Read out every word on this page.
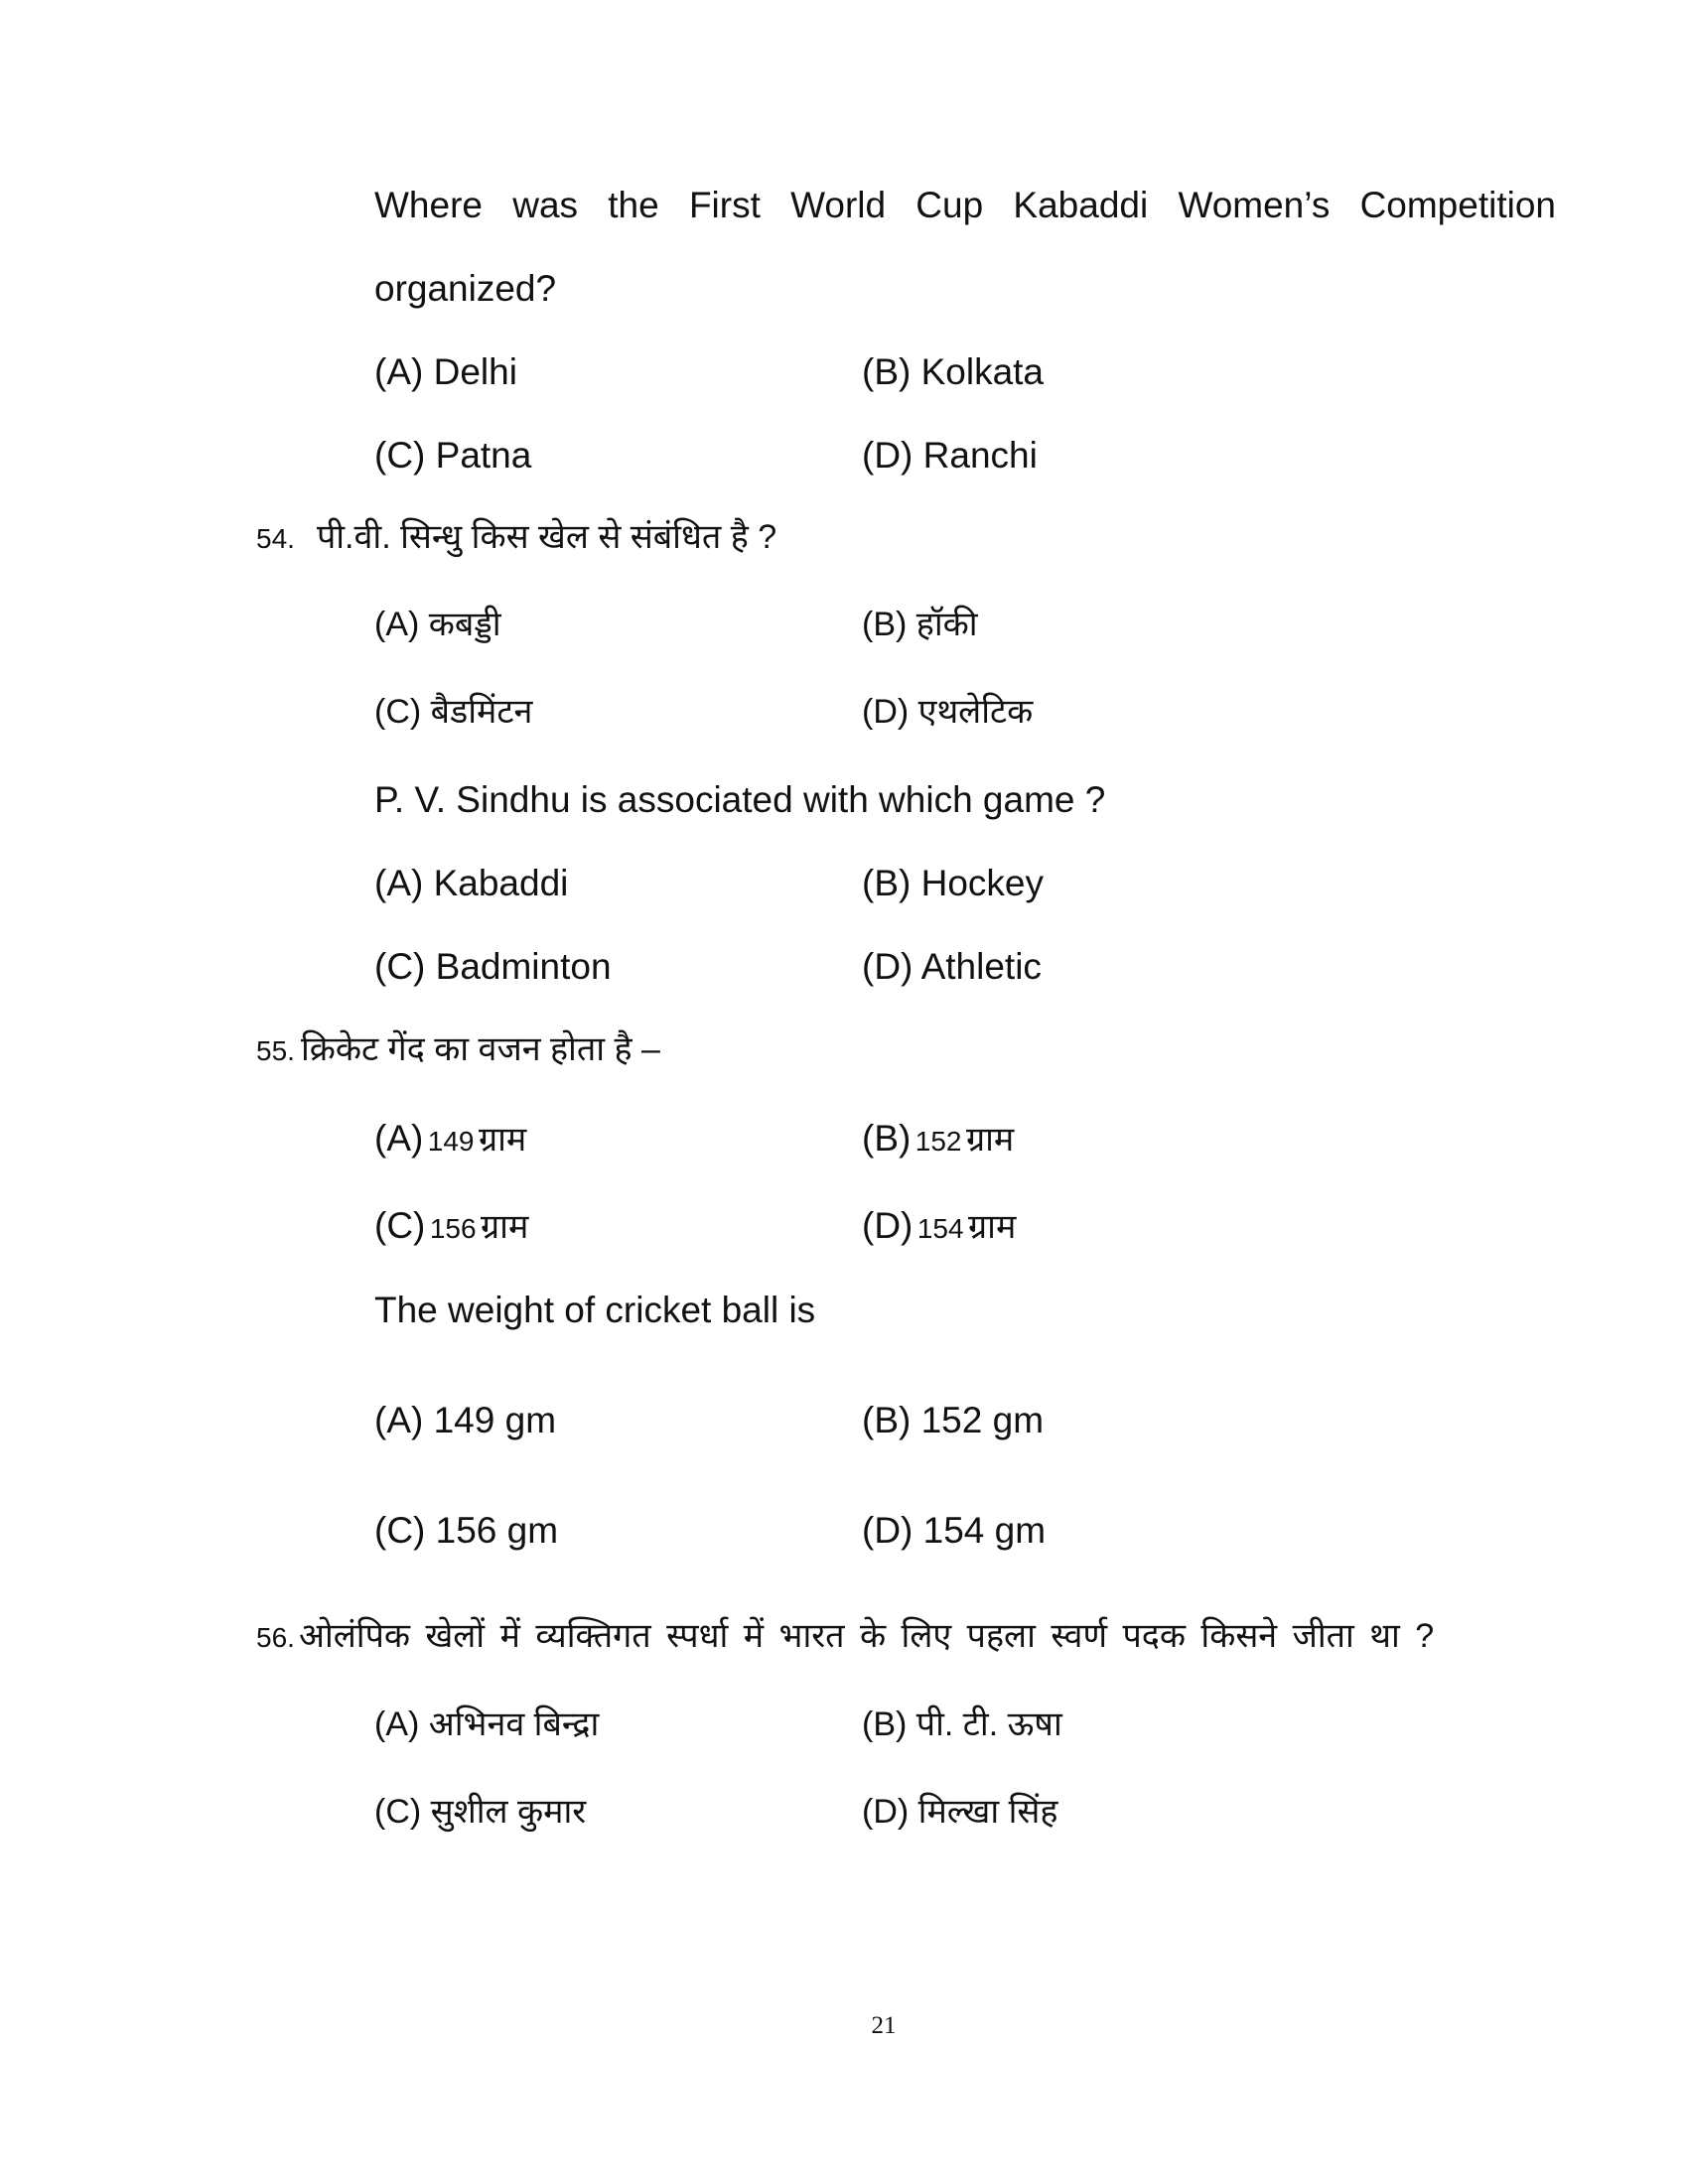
Where was the First World Cup Kabaddi Women’s Competition
organized?
(A) Delhi	(B) Kolkata
(C) Patna	(D) Ranchi
54. पी.वी. सिन्धु किस खेल से संबंधित है ?
(A) कबड्डी	(B) हॉकी
(C) बैडमिंटन	(D) एथलेटिक
P. V. Sindhu is associated with which game ?
(A) Kabaddi	(B) Hockey
(C) Badminton	(D) Athletic
55. क्रिकेट गेंद का वजन होता है –
(A) 149 ग्राम	(B) 152 ग्राम
(C) 156 ग्राम	(D) 154 ग्राम
The weight of cricket ball is
(A) 149 gm	(B) 152 gm
(C) 156 gm	(D) 154 gm
56. ओलंपिक खेलों में व्यक्तिगत स्पर्धा में भारत के लिए पहला स्वर्ण पदक किसने जीता था ?
(A) अभिनव बिन्द्रा	(B) पी. टी. ऊषा
(C) सुशील कुमार	(D) मिल्खा सिंह
21
